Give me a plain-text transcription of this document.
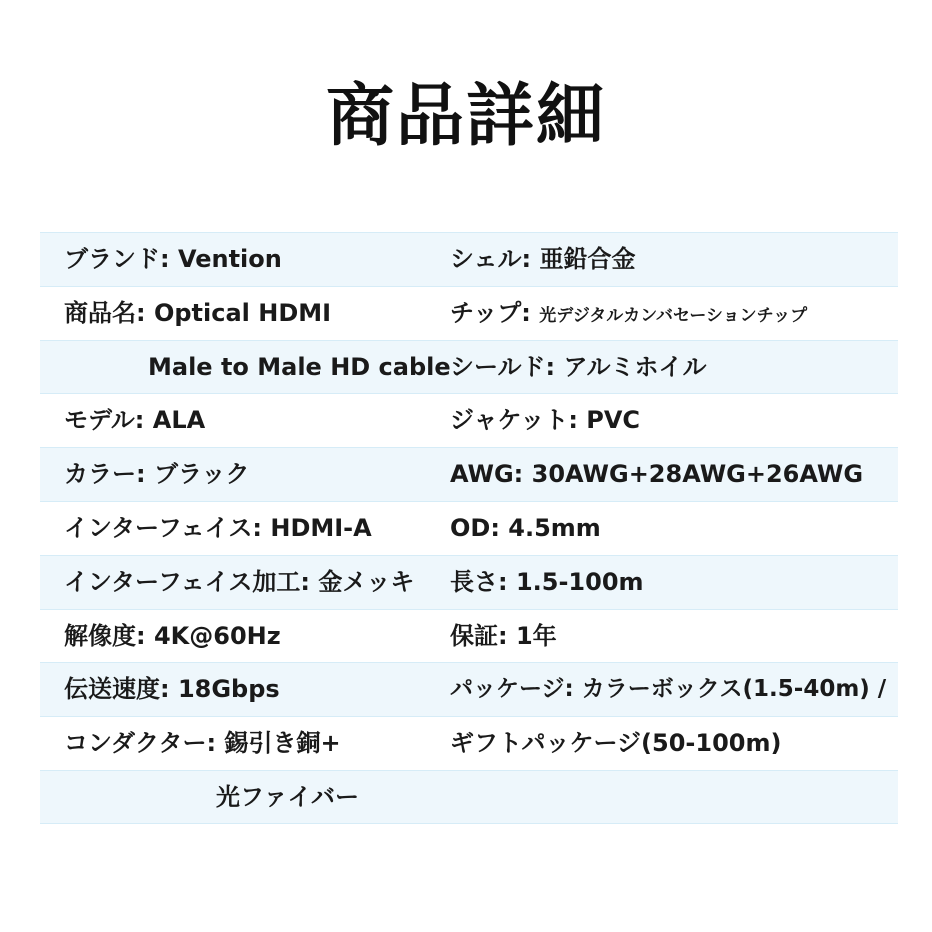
商品詳細
ブランド: Vention	シェル: 亜鉛合金
商品名: Optical HDMI	チップ: 光デジタルカンバセーションチップ
Male to Male HD cable シールド: アルミホイル
モデル: ALA	ジャケット: PVC
カラー: ブラック	AWG: 30AWG+28AWG+26AWG
インターフェイス: HDMI-A	OD: 4.5mm
インターフェイス加工: 金メッキ	長さ: 1.5-100m
解像度: 4K@60Hz	保証: 1年
伝送速度: 18Gbps	パッケージ: カラーボックス(1.5-40m) /
コンダクター: 錫引き銅+	ギフトパッケージ(50-100m)
光ファイバー
